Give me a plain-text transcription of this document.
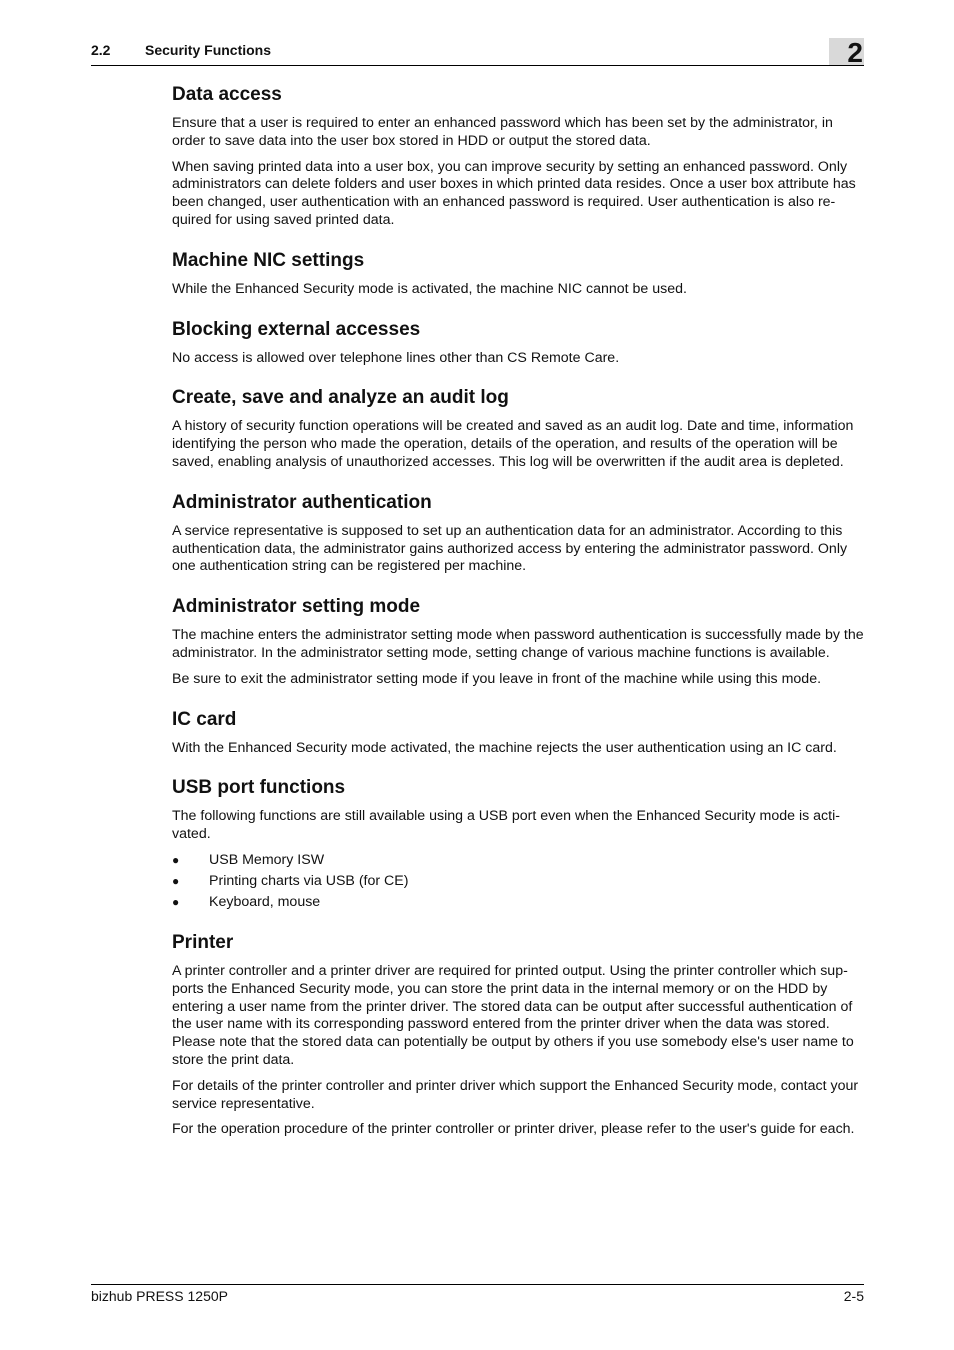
2.2 Security Functions	2
Data access

Ensure that a user is required to enter an enhanced password which has been set by the administrator, in order to save data into the user box stored in HDD or output the stored data.

When saving printed data into a user box, you can improve security by setting an enhanced password. Only administrators can delete folders and user boxes in which printed data resides. Once a user box attribute has been changed, user authentication with an enhanced password is required. User authentication is also re-quired for using saved printed data.

Machine NIC settings

While the Enhanced Security mode is activated, the machine NIC cannot be used.

Blocking external accesses

No access is allowed over telephone lines other than CS Remote Care.

Create, save and analyze an audit log

A history of security function operations will be created and saved as an audit log. Date and time, information identifying the person who made the operation, details of the operation, and results of the operation will be saved, enabling analysis of unauthorized accesses. This log will be overwritten if the audit area is depleted.

Administrator authentication

A service representative is supposed to set up an authentication data for an administrator. According to this authentication data, the administrator gains authorized access by entering the administrator password. Only one authentication string can be registered per machine.

Administrator setting mode

The machine enters the administrator setting mode when password authentication is successfully made by the administrator. In the administrator setting mode, setting change of various machine functions is available.

Be sure to exit the administrator setting mode if you leave in front of the machine while using this mode.

IC card

With the Enhanced Security mode activated, the machine rejects the user authentication using an IC card.

USB port functions

The following functions are still available using a USB port even when the Enhanced Security mode is acti-vated.

● USB Memory ISW
● Printing charts via USB (for CE)
● Keyboard, mouse
Printer

A printer controller and a printer driver are required for printed output. Using the printer controller which sup-ports the Enhanced Security mode, you can store the print data in the internal memory or on the HDD by entering a user name from the printer driver. The stored data can be output after successful authentication of the user name with its corresponding password entered from the printer driver when the data was stored. Please note that the stored data can potentially be output by others if you use somebody else's user name to store the print data.

For details of the printer controller and printer driver which support the Enhanced Security mode, contact your service representative.

For the operation procedure of the printer controller or printer driver, please refer to the user's guide for each.

bizhub PRESS 1250P	2-5
